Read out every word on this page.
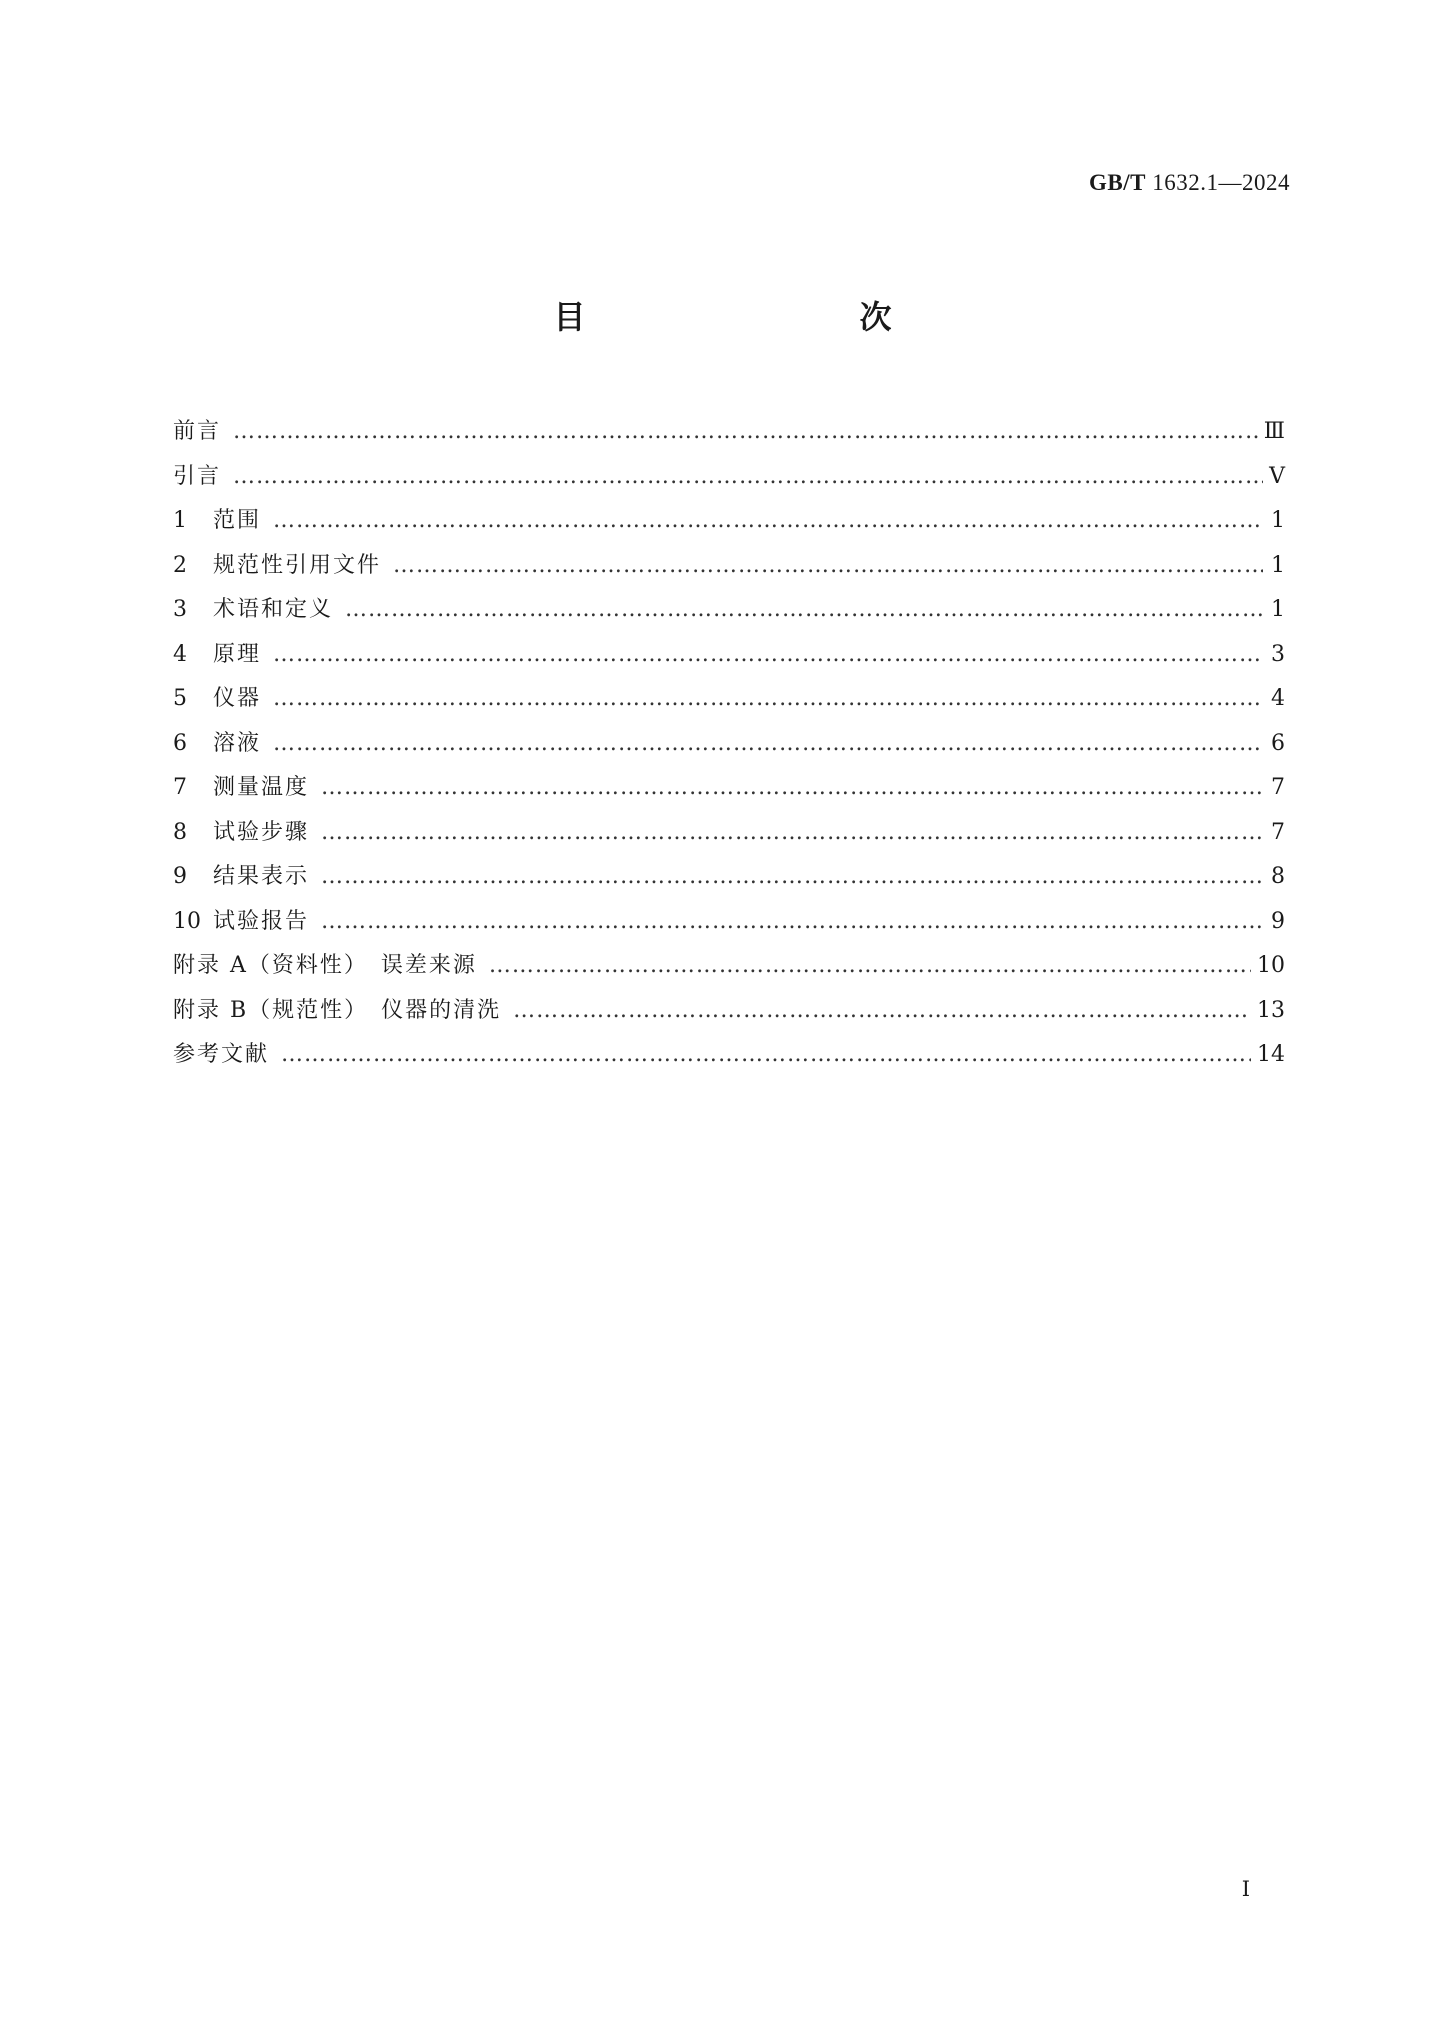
GB/T 1632.1—2024
目　　次
前言 …………………………………………………………………………………………………………………………………………………………………………………………………………………………………………………………………………………	Ⅲ
引言 …………………………………………………………………………………………………………………………………………………………………………………………………………………………………………………………………………………	Ⅴ
1	范围 …………………………………………………………………………………………………………………………………………………………………………………………………………………………………………………………………………………	1
2	规范性引用文件 …………………………………………………………………………………………………………………………………………………………………………………………………………………………………………………………………………………	1
3	术语和定义 …………………………………………………………………………………………………………………………………………………………………………………………………………………………………………………………………………………	1
4	原理 …………………………………………………………………………………………………………………………………………………………………………………………………………………………………………………………………………………	3
5	仪器 …………………………………………………………………………………………………………………………………………………………………………………………………………………………………………………………………………………	4
6	溶液 …………………………………………………………………………………………………………………………………………………………………………………………………………………………………………………………………………………	6
7	测量温度 …………………………………………………………………………………………………………………………………………………………………………………………………………………………………………………………………………………	7
8	试验步骤 …………………………………………………………………………………………………………………………………………………………………………………………………………………………………………………………………………………	7
9	结果表示 …………………………………………………………………………………………………………………………………………………………………………………………………………………………………………………………………………………	8
10 试验报告 …………………………………………………………………………………………………………………………………………………………………………………………………………………………………………………………………………………	9
附录 A（资料性）　误差来源 …………………………………………………………………………………………………………………………………………………………………………………………………………………………………………………………………………………	10
附录 B（规范性）　仪器的清洗 …………………………………………………………………………………………………………………………………………………………………………………………………………………………………………………………………………………	13
参考文献 …………………………………………………………………………………………………………………………………………………………………………………………………………………………………………………………………………………	14
Ⅰ
